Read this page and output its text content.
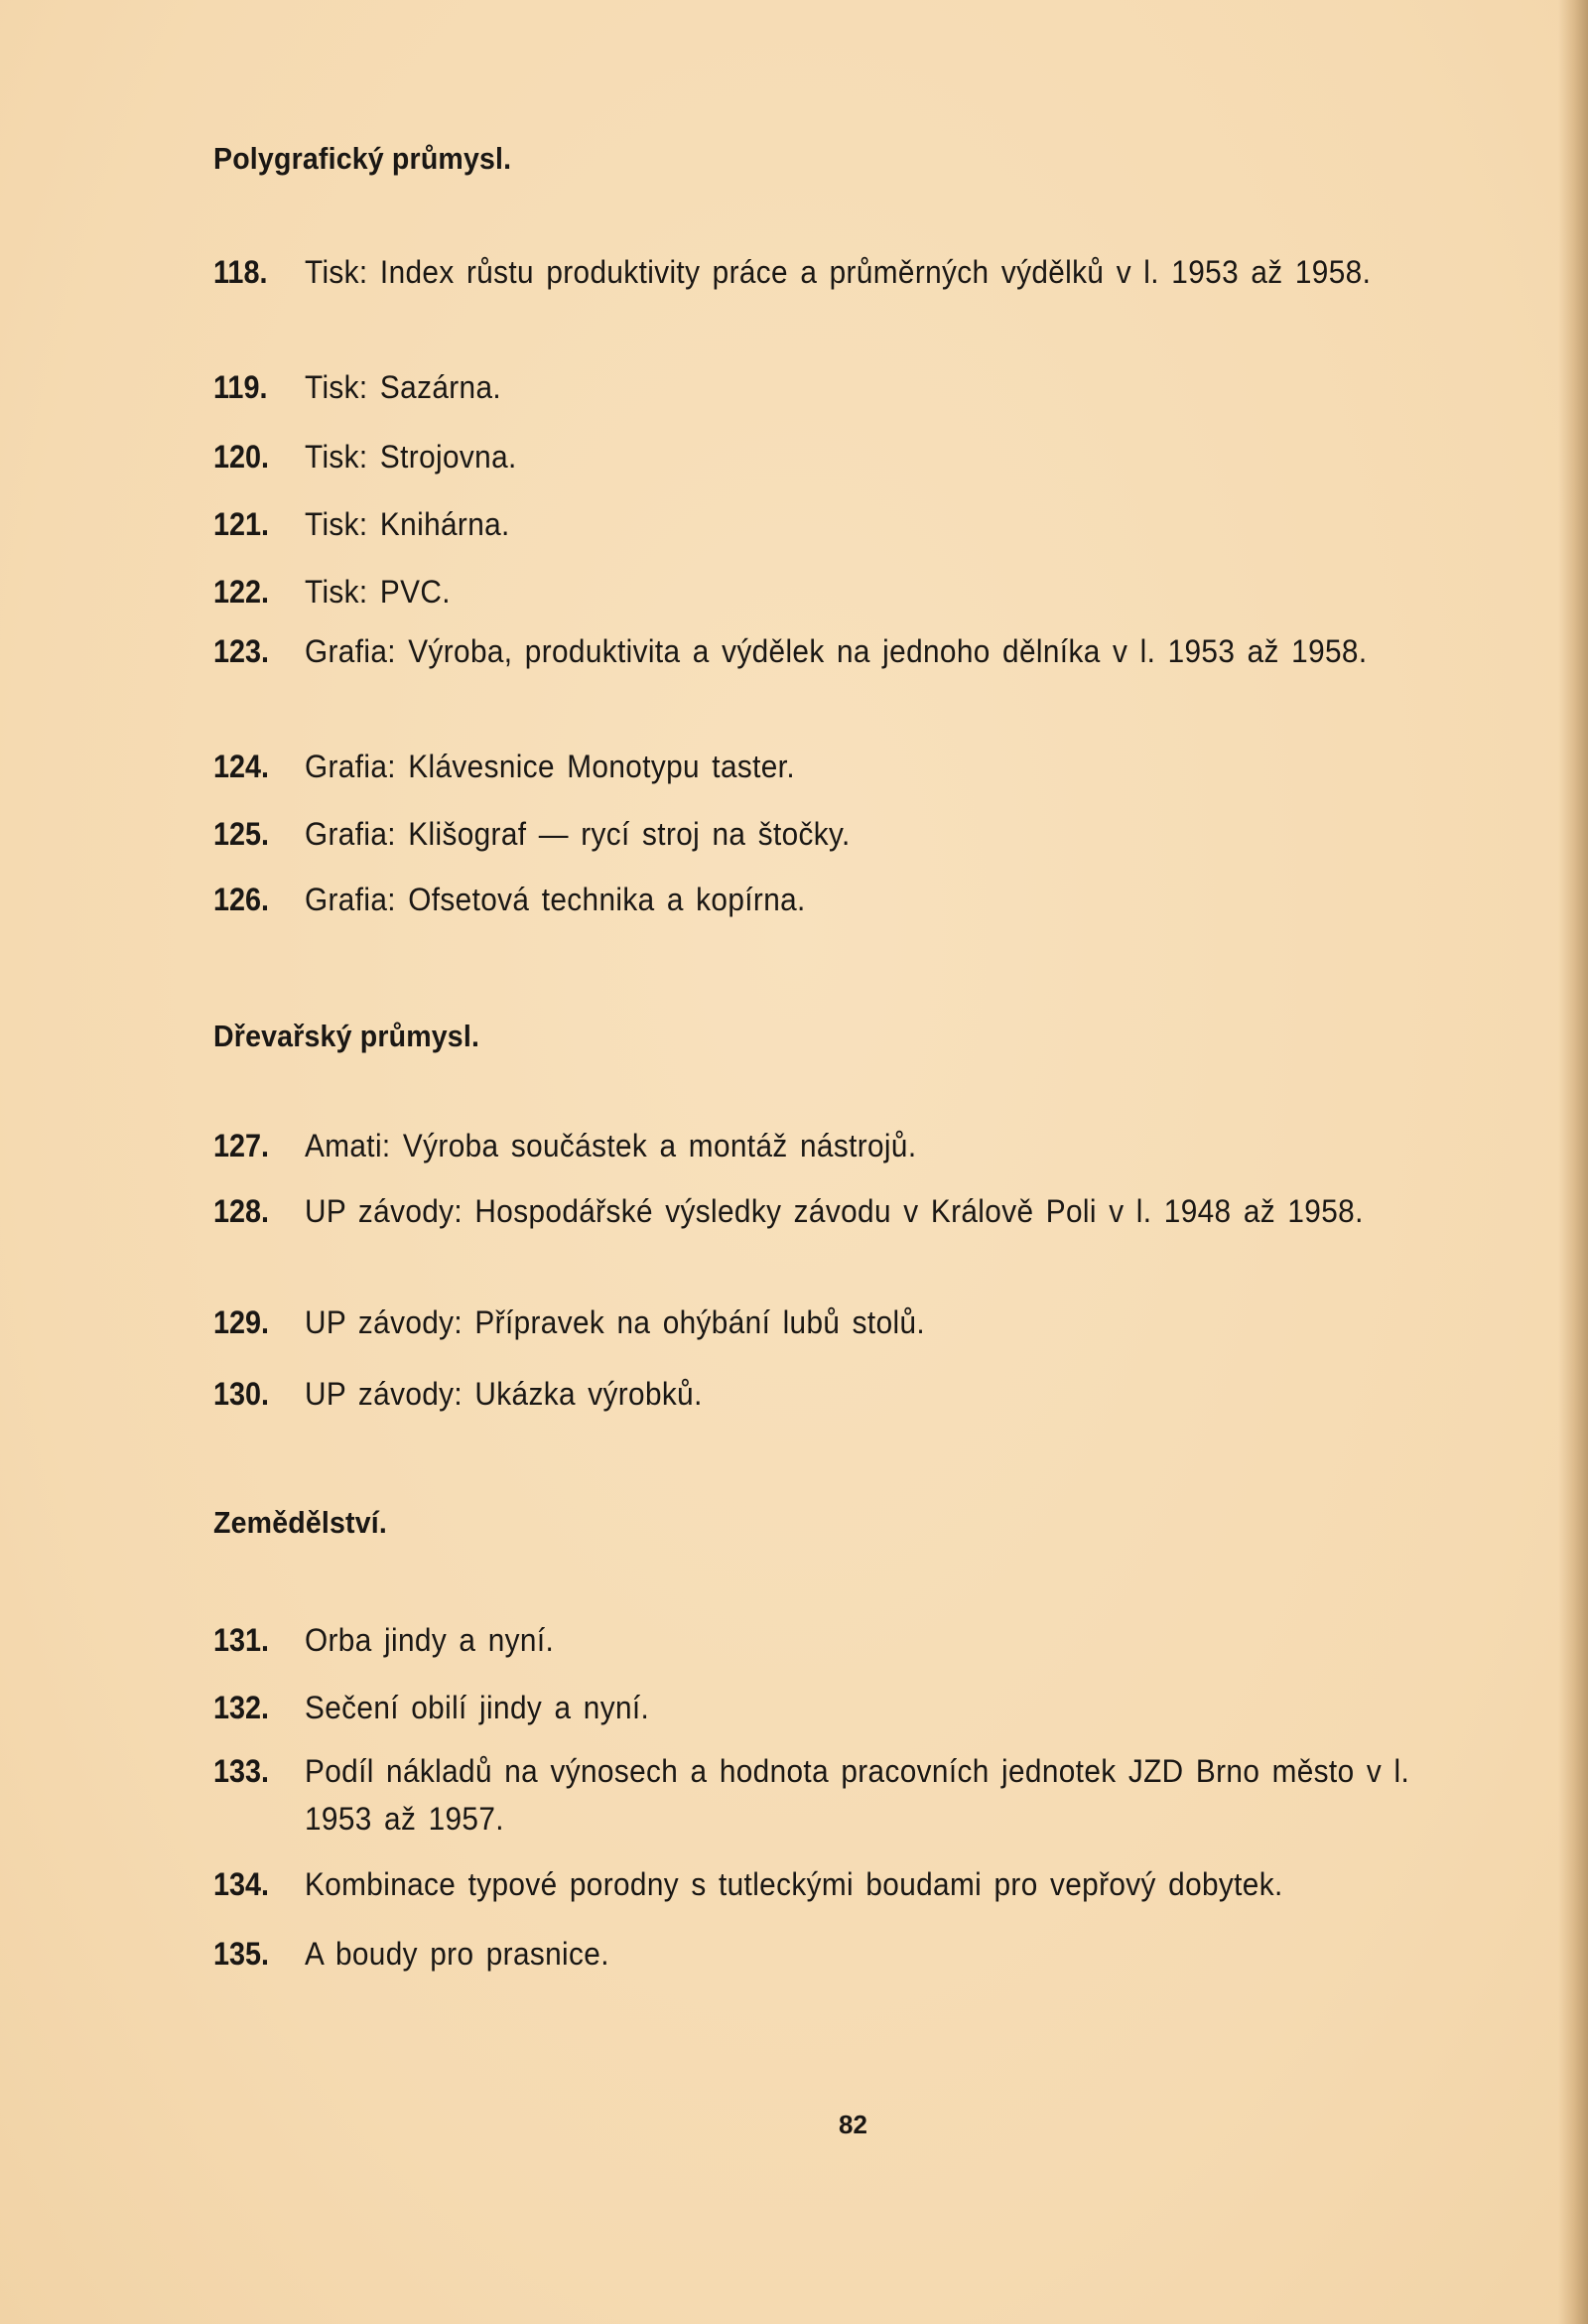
Polygrafický průmysl.
118.	Tisk: Index růstu produktivity práce a průměrných výdělků v l. 1953 až 1958.
119.	Tisk: Sazárna.
120.	Tisk: Strojovna.
121.	Tisk: Knihárna.
122.	Tisk: PVC.
123.	Grafia: Výroba, produktivita a výdělek na jednoho dělníka v l. 1953 až 1958.
124.	Grafia: Klávesnice Monotypu taster.
125.	Grafia: Klišograf — rycí stroj na štočky.
126.	Grafia: Ofsetová technika a kopírna.
Dřevařský průmysl.
127.	Amati: Výroba součástek a montáž nástrojů.
128.	UP závody: Hospodářské výsledky závodu v Králově Poli v l. 1948 až 1958.
129.	UP závody: Přípravek na ohýbání lubů stolů.
130.	UP závody: Ukázka výrobků.
Zemědělství.
131.	Orba jindy a nyní.
132.	Sečení obilí jindy a nyní.
133.	Podíl nákladů na výnosech a hodnota pracovních jednotek JZD Brno město v l. 1953 až 1957.
134.	Kombinace typové porodny s tutleckými boudami pro vepřový dobytek.
135.	A boudy pro prasnice.
82
